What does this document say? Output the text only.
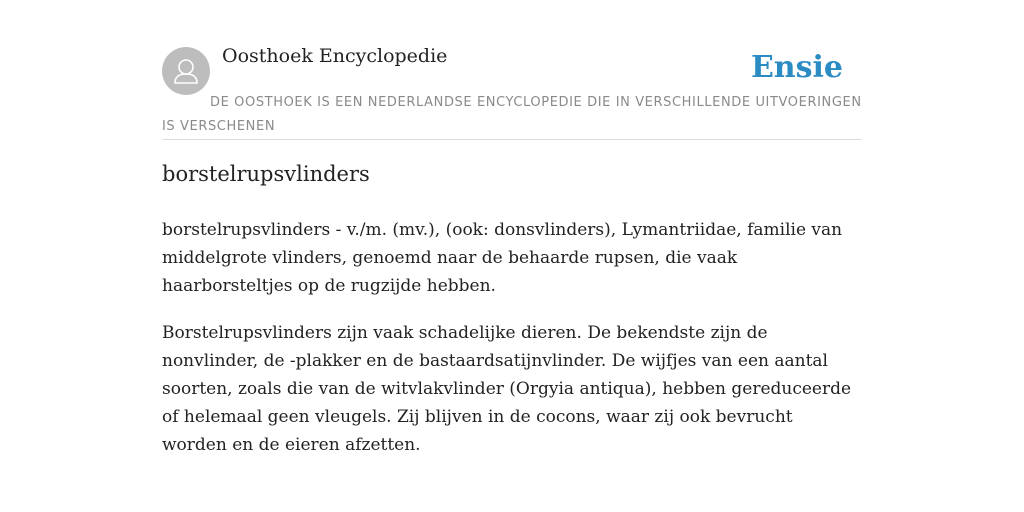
Oosthoek Encyclopedie	Ensie
DE OOSTHOEK IS EEN NEDERLANDSE ENCYCLOPEDIE DIE IN VERSCHILLENDE UITVOERINGEN IS VERSCHENEN
borstelrupsvlinders

borstelrupsvlinders - v./m. (mv.), (ook: donsvlinders), Lymantriidae, familie van middelgrote vlinders, genoemd naar de behaarde rupsen, die vaak haarborsteltjes op de rugzijde hebben.

Borstelrupsvlinders zijn vaak schadelijke dieren. De bekendste zijn de nonvlinder, de -plakker en de bastaardsatijnvlinder. De wijfjes van een aantal soorten, zoals die van de witvlakvlinder (Orgyia antiqua), hebben gereduceerde of helemaal geen vleugels. Zij blijven in de cocons, waar zij ook bevrucht worden en de eieren afzetten.
